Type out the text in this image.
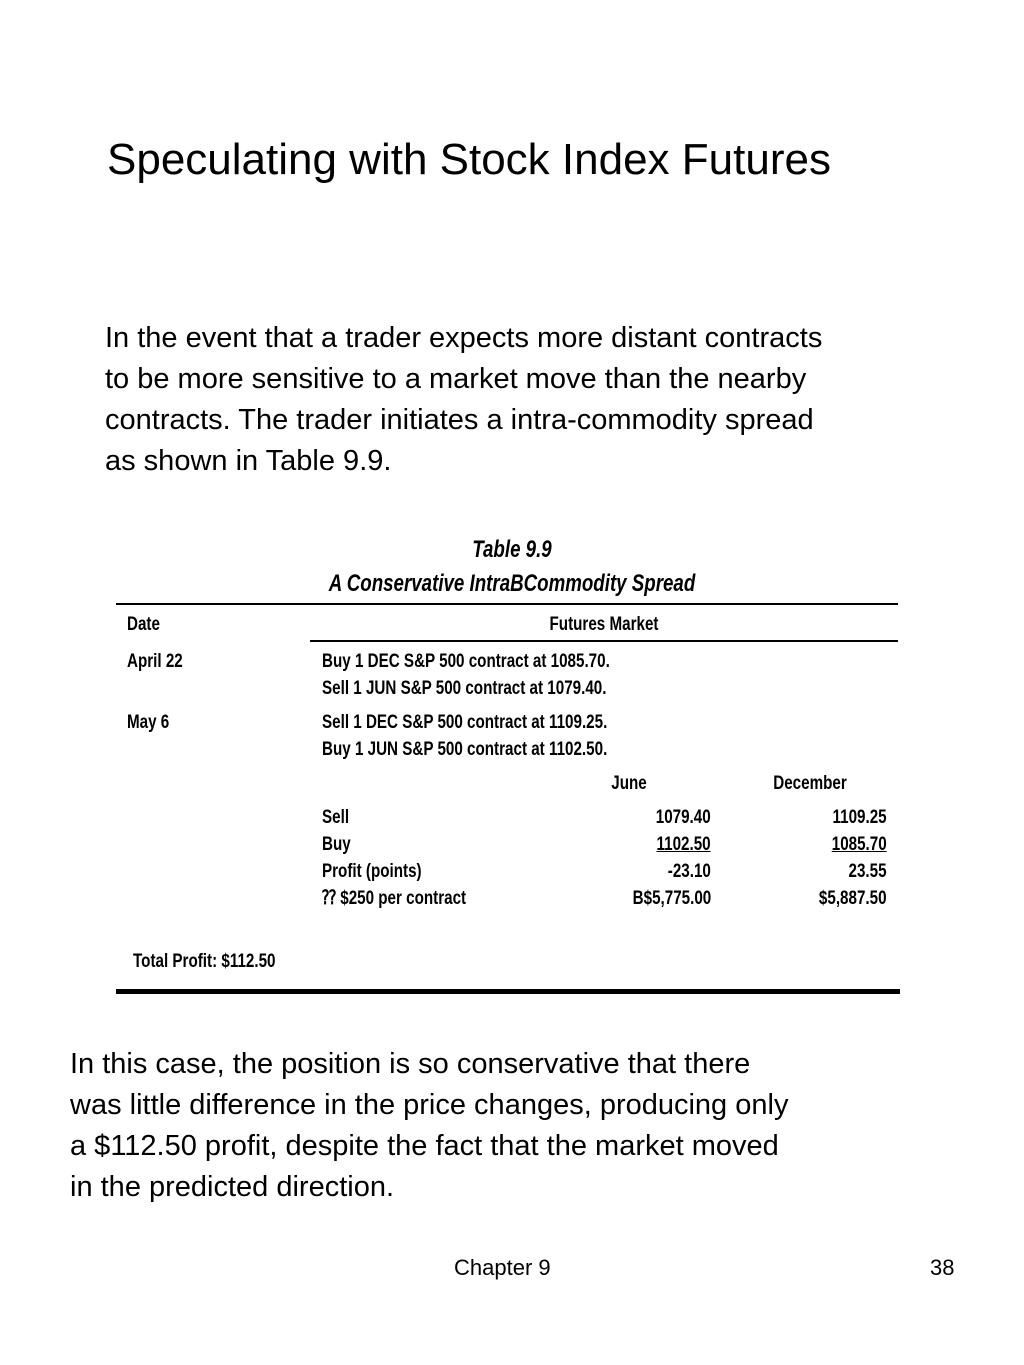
Speculating with Stock Index Futures
In the event that a trader expects more distant contracts
to be more sensitive to a market move than the nearby
contracts. The trader initiates a intra-commodity spread
as shown in Table 9.9.
Table 9.9
A Conservative IntraBCommodity Spread
Date	Futures Market
April 22	Buy 1 DEC S&P 500 contract at 1085.70.
Sell 1 JUN S&P 500 contract at 1079.40.
May 6	Sell 1 DEC S&P 500 contract at 1109.25.
Buy 1 JUN S&P 500 contract at 1102.50.
June	December
Sell	1079.40	1109.25
Buy	1102.50	1085.70
Profit (points)	-23.10	23.55
⁇ $250 per contract	B$5,775.00	$5,887.50
Total Profit: $112.50
In this case, the position is so conservative that there
was little difference in the price changes, producing only
a $112.50 profit, despite the fact that the market moved
in the predicted direction.
Chapter 9	38
